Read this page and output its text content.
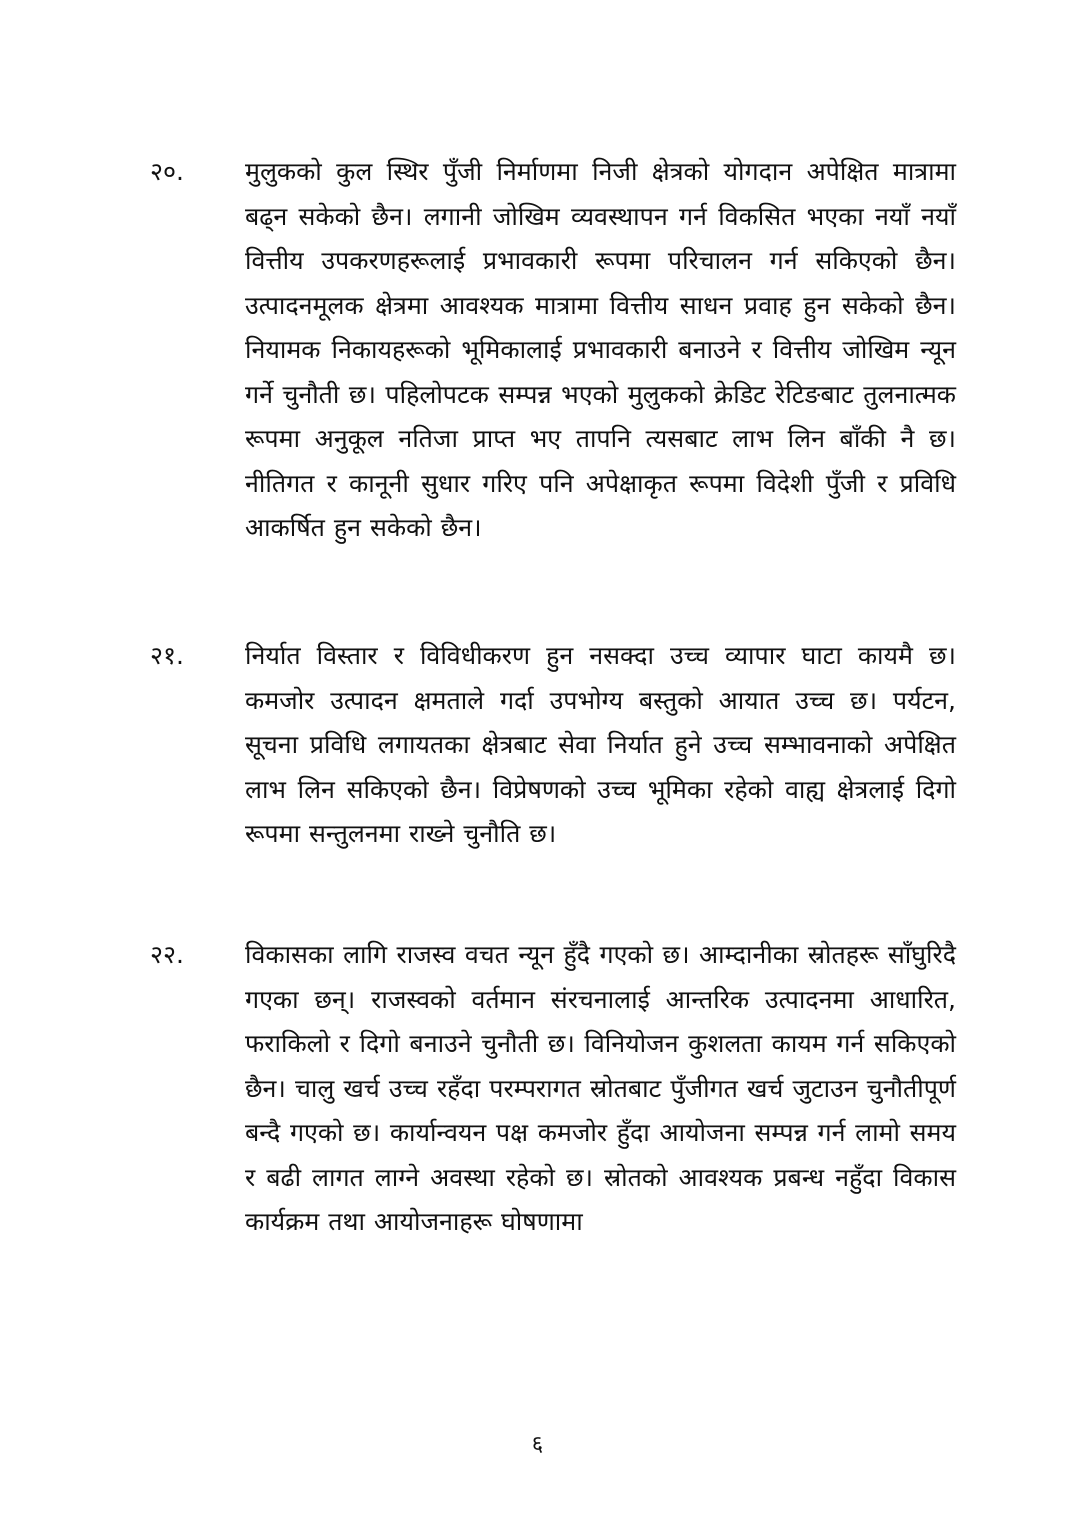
२०.	मुलुकको कुल स्थिर पुँजी निर्माणमा निजी क्षेत्रको योगदान अपेक्षित मात्रामा बढ्न सकेको छैन। लगानी जोखिम व्यवस्थापन गर्न विकसित भएका नयाँ नयाँ वित्तीय उपकरणहरूलाई प्रभावकारी रूपमा परिचालन गर्न सकिएको छैन। उत्पादनमूलक क्षेत्रमा आवश्यक मात्रामा वित्तीय साधन प्रवाह हुन सकेको छैन। नियामक निकायहरूको भूमिकालाई प्रभावकारी बनाउने र वित्तीय जोखिम न्यून गर्ने चुनौती छ। पहिलोपटक सम्पन्न भएको मुलुकको क्रेडिट रेटिङबाट तुलनात्मक रूपमा अनुकूल नतिजा प्राप्त भए तापनि त्यसबाट लाभ लिन बाँकी नै छ। नीतिगत र कानूनी सुधार गरिए पनि अपेक्षाकृत रूपमा विदेशी पुँजी र प्रविधि आकर्षित हुन सकेको छैन।
२१.	निर्यात विस्तार र विविधीकरण हुन नसक्दा उच्च व्यापार घाटा कायमै छ। कमजोर उत्पादन क्षमताले गर्दा उपभोग्य बस्तुको आयात उच्च छ। पर्यटन, सूचना प्रविधि लगायतका क्षेत्रबाट सेवा निर्यात हुने उच्च सम्भावनाको अपेक्षित लाभ लिन सकिएको छैन। विप्रेषणको उच्च भूमिका रहेको वाह्य क्षेत्रलाई दिगो रूपमा सन्तुलनमा राख्ने चुनौति छ।
२२.	विकासका लागि राजस्व वचत न्यून हुँदै गएको छ। आम्दानीका स्रोतहरू साँघुरिदै गएका छन्। राजस्वको वर्तमान संरचनालाई आन्तरिक उत्पादनमा आधारित, फराकिलो र दिगो बनाउने चुनौती छ। विनियोजन कुशलता कायम गर्न सकिएको छैन। चालु खर्च उच्च रहँदा परम्परागत स्रोतबाट पुँजीगत खर्च जुटाउन चुनौतीपूर्ण बन्दै गएको छ। कार्यान्वयन पक्ष कमजोर हुँदा आयोजना सम्पन्न गर्न लामो समय र बढी लागत लाग्ने अवस्था रहेको छ। स्रोतको आवश्यक प्रबन्ध नहुँदा विकास कार्यक्रम तथा आयोजनाहरू घोषणामा
६
